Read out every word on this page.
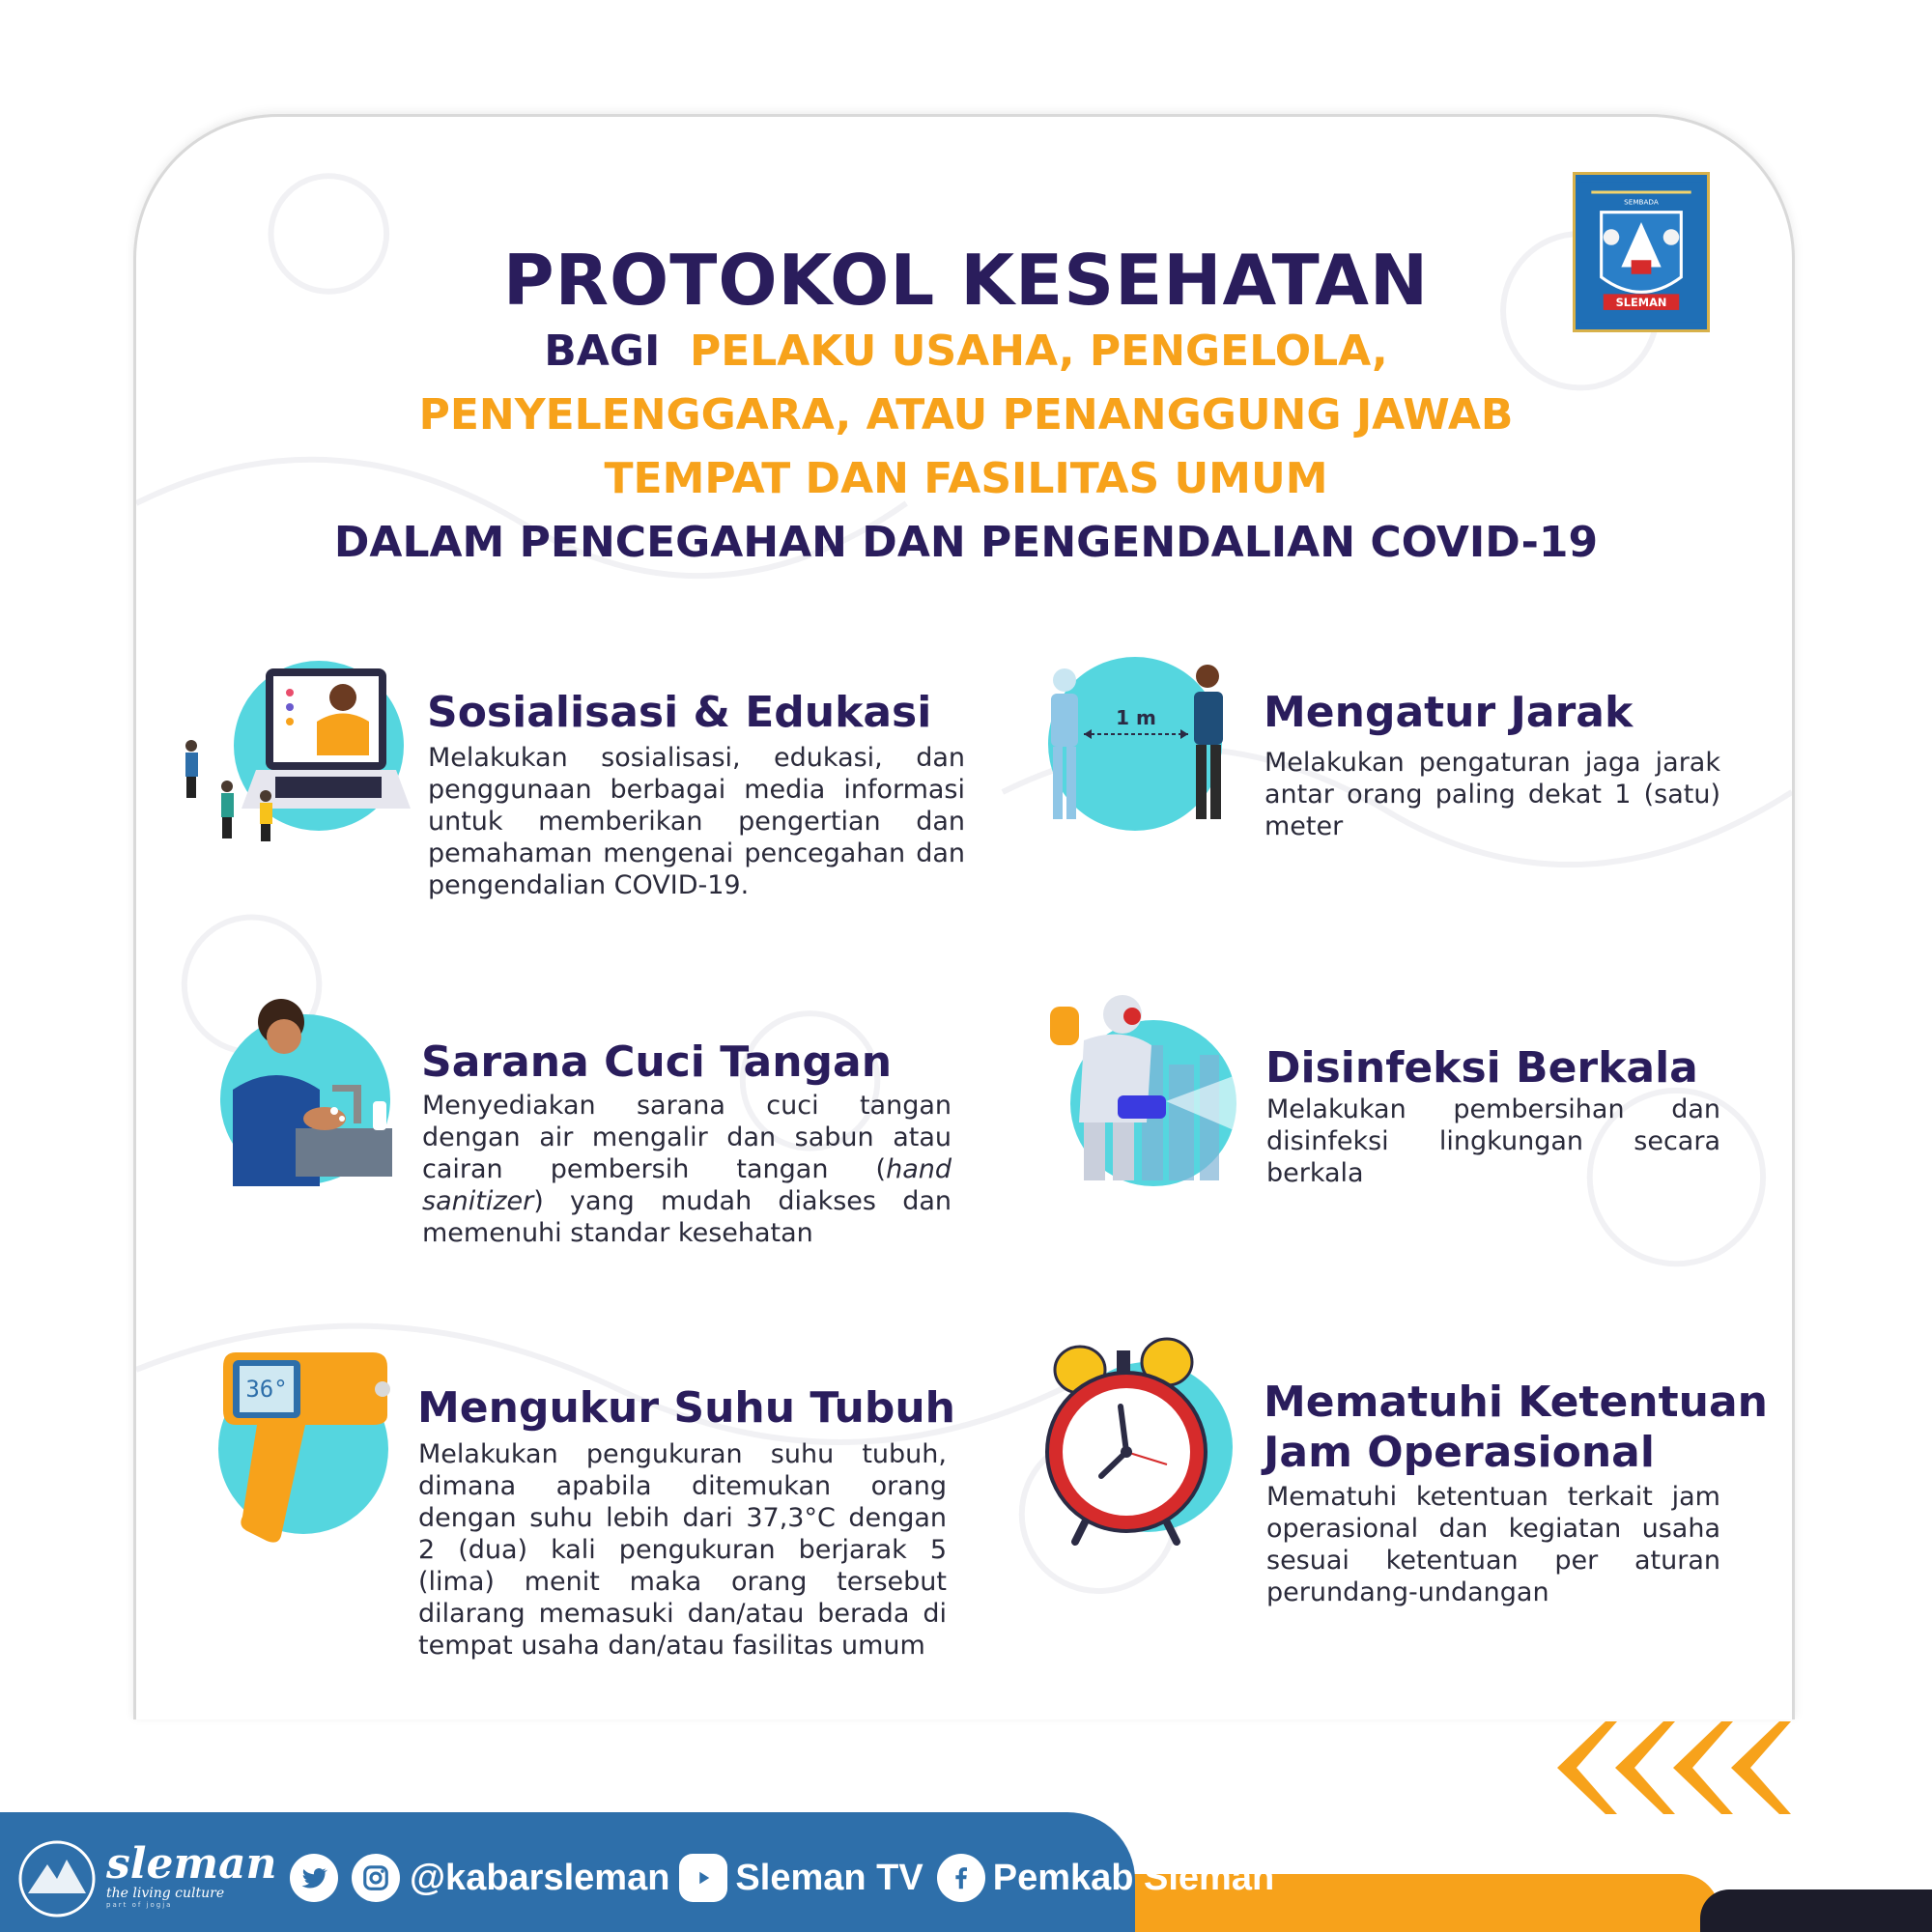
SLEMAN
SEMBADA
PROTOKOL KESEHATAN
BAGI PELAKU USAHA, PENGELOLA,
PENYELENGGARA, ATAU PENANGGUNG JAWAB
TEMPAT DAN FASILITAS UMUM
DALAM PENCEGAHAN DAN PENGENDALIAN COVID-19
Sosialisasi & Edukasi
Melakukan sosialisasi, edukasi, dan penggunaan berbagai media informasi untuk memberikan pengertian dan pemahaman mengenai pencegahan dan pengendalian COVID-19.
1 m	Mengatur Jarak
Melakukan pengaturan jaga jarak antar orang paling dekat 1 (satu) meter
Sarana Cuci Tangan
Menyediakan sarana cuci tangan dengan air mengalir dan sabun atau cairan pembersih tangan (hand sanitizer) yang mudah diakses dan memenuhi standar kesehatan
Disinfeksi Berkala
Melakukan pembersihan dan disinfeksi lingkungan secara berkala
36°	Mengukur Suhu Tubuh
Melakukan pengukuran suhu tubuh, dimana apabila ditemukan orang dengan suhu lebih dari 37,3°C dengan 2 (dua) kali pengukuran berjarak 5 (lima) menit maka orang tersebut dilarang memasuki dan/atau berada di tempat usaha dan/atau fasilitas umum
Mematuhi Ketentuan
Jam Operasional
Mematuhi ketentuan terkait jam operasional dan kegiatan usaha sesuai ketentuan per aturan perundang-undangan
sleman
the living culture
part of jogja
@kabarsleman Sleman TV Pemkab Sleman
